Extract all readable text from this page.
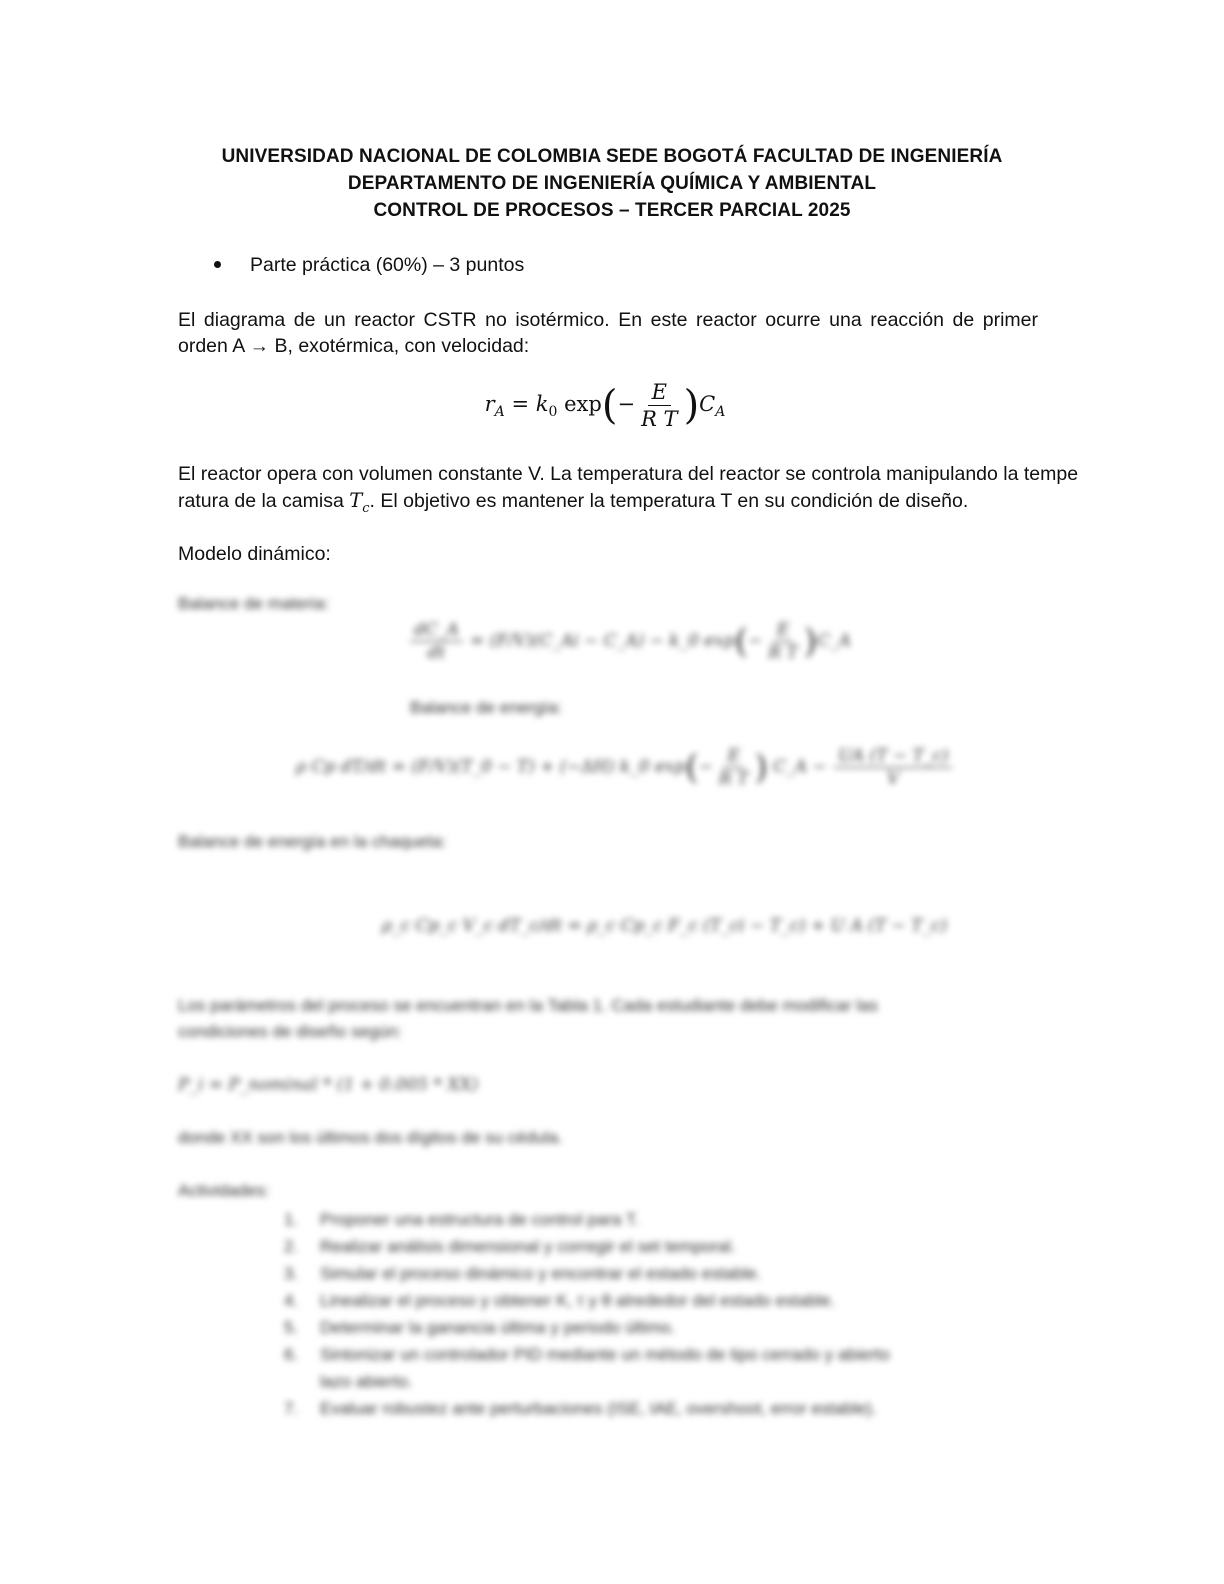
UNIVERSIDAD NACIONAL DE COLOMBIA SEDE BOGOTÁ FACULTAD DE INGENIERÍA
DEPARTAMENTO DE INGENIERÍA QUÍMICA Y AMBIENTAL
CONTROL DE PROCESOS – TERCER PARCIAL 2025
Parte práctica (60%) – 3 puntos
El diagrama de un reactor CSTR no isotérmico. En este reactor ocurre una reacción de primer
orden A → B, exotérmica, con velocidad:
$r_A = k_0$ $\exp(- \frac{E}{\text{R T}} )C_A$
El reactor opera con volumen constante V. La temperatura del reactor se controla manipulando la tempe
ratura de la camisa $T_c$. El objetivo es mantener la temperatura T en su condición de diseño.
Modelo dinámico:
Balance de materia:
$\frac{dC\_A}{dt}$ = (F/V)(C_Ai − C_A) − k_0 $\exp(- \frac{E}{\text{R T}}$ )C_A
Balance de energía:
ρ Cp dT/dt = (F/V)(T_0 − T) + (−ΔH) k_0 $\exp(- \frac{E}{\text{R T}}$ ) C_A − $\frac{UA (T - T\_c)}{V}$
Balance de energía en la chaqueta:
ρ_c Cp_c V_c dT_c/dt = ρ_c Cp_c F_c (T_ci − T_c) + U A (T − T_c)
Los parámetros del proceso se encuentran en la Tabla 1. Cada estudiante debe modificar las
condiciones de diseño según:
P_i = P_nominal * (1 + 0.005 * XX)
donde XX son los últimos dos dígitos de su cédula.
Actividades:
1.	Proponer una estructura de control para T.
2.	Realizar análisis dimensional y corregir el set temporal.
3.	Simular el proceso dinámico y encontrar el estado estable.
4.	Linealizar el proceso y obtener K, τ y θ alrededor del estado estable.
5.	Determinar la ganancia última y periodo último.
6.	Sintonizar un controlador PID mediante un método de tipo cerrado y abierto
lazo abierto.
7.	Evaluar robustez ante perturbaciones (ISE, IAE, overshoot, error estable).
